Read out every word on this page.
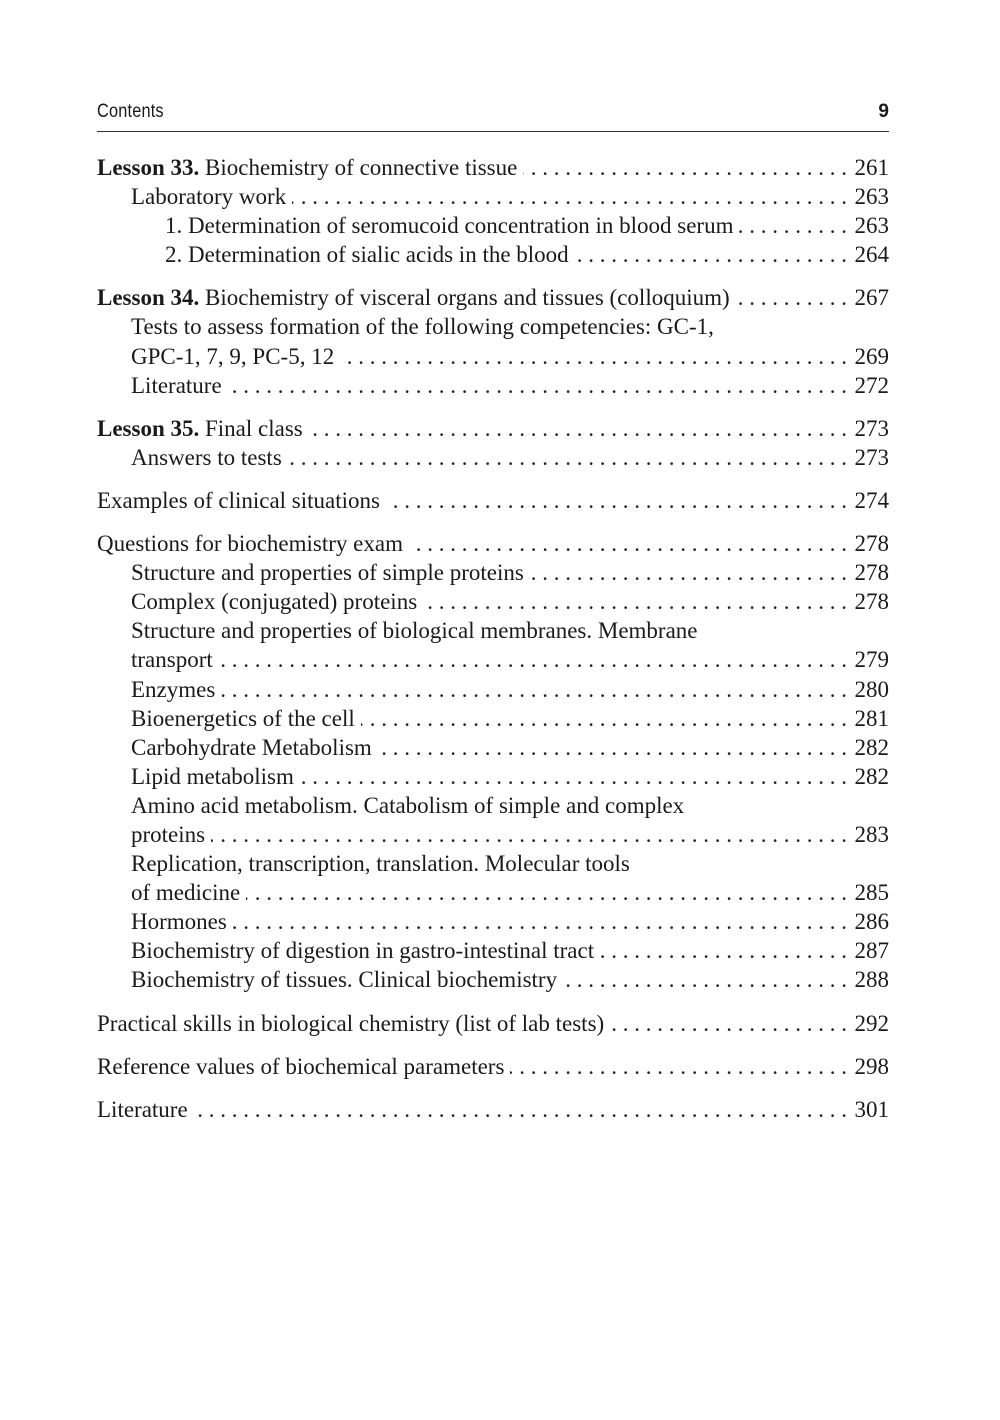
Contents	9
Lesson 33. Biochemistry of connective tissue . . .	261
Laboratory work . . .	263
1. Determination of seromucoid concentration in blood serum . . .	263
2. Determination of sialic acids in the blood . . .	264
Lesson 34. Biochemistry of visceral organs and tissues (colloquium) . . .	267
Tests to assess formation of the following competencies: GC-1,
GPC-1, 7, 9, PC-5, 12 . . .	269
Literature . . .	272
Lesson 35. Final class . . .	273
Answers to tests . . .	273
Examples of clinical situations . . .	274
Questions for biochemistry exam . . .	278
Structure and properties of simple proteins . . .	278
Complex (conjugated) proteins . . .	278
Structure and properties of biological membranes. Membrane
transport . . .	279
Enzymes . . .	280
Bioenergetics of the cell . . .	281
Carbohydrate Metabolism . . .	282
Lipid metabolism . . .	282
Amino acid metabolism. Catabolism of simple and complex
proteins . . .	283
Replication, transcription, translation. Molecular tools
of medicine . . .	285
Hormones . . .	286
Biochemistry of digestion in gastro-intestinal tract . . .	287
Biochemistry of tissues. Clinical biochemistry . . .	288
Practical skills in biological chemistry (list of lab tests) . . .	292
Reference values of biochemical parameters . . .	298
Literature . . .	301
